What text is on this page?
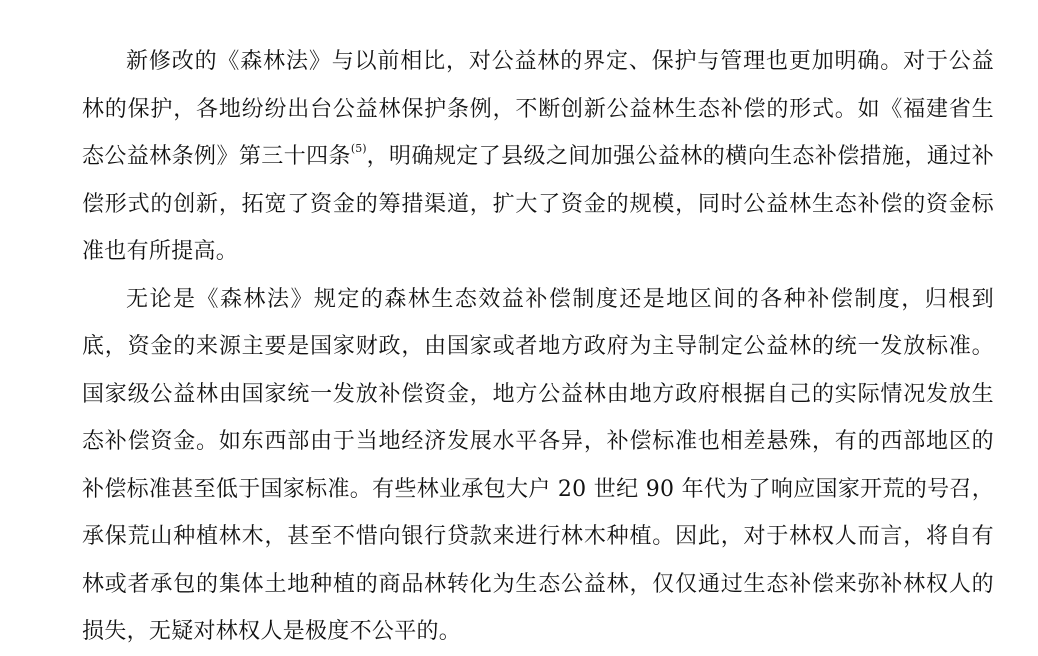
新修改的《森林法》与以前相比，对公益林的界定、保护与管理也更加明确。对于公益林的保护，各地纷纷出台公益林保护条例，不断创新公益林生态补偿的形式。如《福建省生态公益林条例》第三十四条$^{(5)}$，明确规定了县级之间加强公益林的横向生态补偿措施，通过补偿形式的创新，拓宽了资金的筹措渠道，扩大了资金的规模，同时公益林生态补偿的资金标准也有所提高。

无论是《森林法》规定的森林生态效益补偿制度还是地区间的各种补偿制度，归根到底，资金的来源主要是国家财政，由国家或者地方政府为主导制定公益林的统一发放标准。国家级公益林由国家统一发放补偿资金，地方公益林由地方政府根据自己的实际情况发放生态补偿资金。如东西部由于当地经济发展水平各异，补偿标准也相差悬殊，有的西部地区的补偿标准甚至低于国家标准。有些林业承包大户 20 世纪 90 年代为了响应国家开荒的号召，承保荒山种植林木，甚至不惜向银行贷款来进行林木种植。因此，对于林权人而言，将自有林或者承包的集体土地种植的商品林转化为生态公益林，仅仅通过生态补偿来弥补林权人的损失，无疑对林权人是极度不公平的。
